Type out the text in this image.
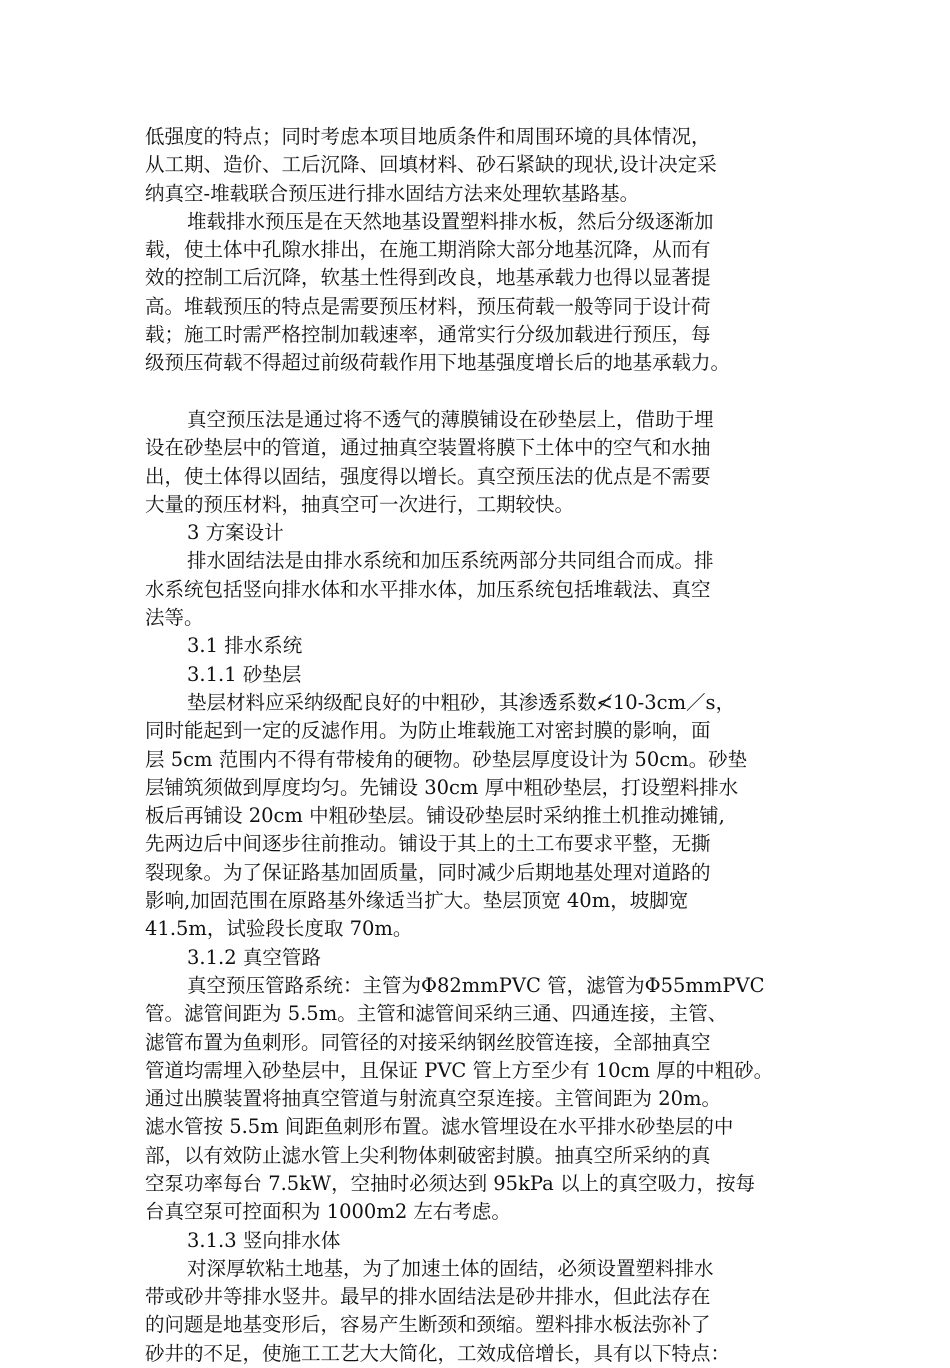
低强度的特点；同时考虑本项目地质条件和周围环境的具体情况，
从工期、造价、工后沉降、回填材料、砂石紧缺的现状,设计决定采
纳真空-堆载联合预压进行排水固结方法来处理软基路基。
堆载排水预压是在天然地基设置塑料排水板，然后分级逐渐加
载，使土体中孔隙水排出，在施工期消除大部分地基沉降，从而有
效的控制工后沉降，软基土性得到改良，地基承载力也得以显著提
高。堆载预压的特点是需要预压材料，预压荷载一般等同于设计荷
载；施工时需严格控制加载速率，通常实行分级加载进行预压，每
级预压荷载不得超过前级荷载作用下地基强度增长后的地基承载力。
真空预压法是通过将不透气的薄膜铺设在砂垫层上，借助于埋
设在砂垫层中的管道，通过抽真空装置将膜下土体中的空气和水抽
出，使土体得以固结，强度得以增长。真空预压法的优点是不需要
大量的预压材料，抽真空可一次进行，工期较快。
3 方案设计
排水固结法是由排水系统和加压系统两部分共同组合而成。排
水系统包括竖向排水体和水平排水体，加压系统包括堆载法、真空
法等。
3.1 排水系统
3.1.1 砂垫层
垫层材料应采纳级配良好的中粗砂，其渗透系数≮10-3cm／s，
同时能起到一定的反滤作用。为防止堆载施工对密封膜的影响，面
层 5cm 范围内不得有带棱角的硬物。砂垫层厚度设计为 50cm。砂垫
层铺筑须做到厚度均匀。先铺设 30cm 厚中粗砂垫层，打设塑料排水
板后再铺设 20cm 中粗砂垫层。铺设砂垫层时采纳推土机推动摊铺,
先两边后中间逐步往前推动。铺设于其上的土工布要求平整，无撕
裂现象。为了保证路基加固质量，同时减少后期地基处理对道路的
影响,加固范围在原路基外缘适当扩大。垫层顶宽 40m，坡脚宽
41.5m，试验段长度取 70m。
3.1.2 真空管路
真空预压管路系统：主管为Φ82mmPVC 管，滤管为Φ55mmPVC
管。滤管间距为 5.5m。主管和滤管间采纳三通、四通连接，主管、
滤管布置为鱼刺形。同管径的对接采纳钢丝胶管连接，全部抽真空
管道均需埋入砂垫层中，且保证 PVC 管上方至少有 10cm 厚的中粗砂。
通过出膜装置将抽真空管道与射流真空泵连接。主管间距为 20m。
滤水管按 5.5m 间距鱼刺形布置。滤水管埋设在水平排水砂垫层的中
部，以有效防止滤水管上尖利物体刺破密封膜。抽真空所采纳的真
空泵功率每台 7.5kW，空抽时必须达到 95kPa 以上的真空吸力，按每
台真空泵可控面积为 1000m2 左右考虑。
3.1.3 竖向排水体
对深厚软粘土地基，为了加速土体的固结，必须设置塑料排水
带或砂井等排水竖井。最早的排水固结法是砂井排水，但此法存在
的问题是地基变形后，容易产生断颈和颈缩。塑料排水板法弥补了
砂井的不足，使施工工艺大大简化，工效成倍增长，具有以下特点：
